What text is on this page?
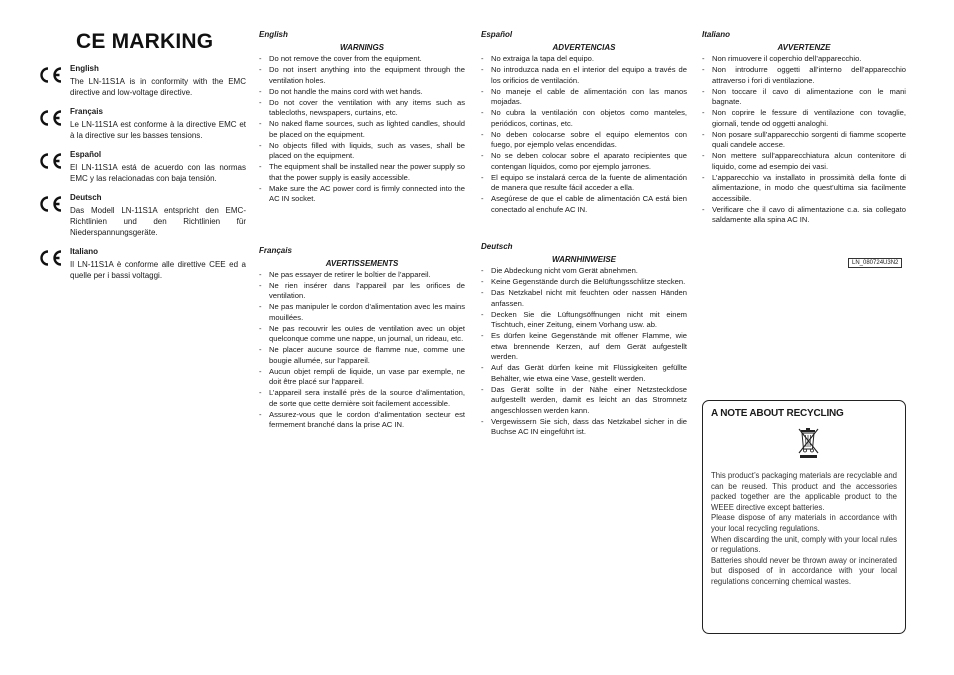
CE MARKING
English
The LN-11S1A is in conformity with the EMC directive and low-voltage directive.
Français
Le LN-11S1A est conforme à la directive EMC et à la directive sur les basses tensions.
Español
El LN-11S1A está de acuerdo con las normas EMC y las relacionadas con baja tensión.
Deutsch
Das Modell LN-11S1A entspricht den EMC-Richtlinien und den Richtlinien für Niederspannungsgeräte.
Italiano
Il LN-11S1A è conforme alle direttive CEE ed a quelle per i bassi voltaggi.
English
WARNINGS
- Do not remove the cover from the equipment.
- Do not insert anything into the equipment through the ventilation holes.
- Do not handle the mains cord with wet hands.
- Do not cover the ventilation with any items such as tablecloths, newspapers, curtains, etc.
- No naked flame sources, such as lighted candles, should be placed on the equipment.
- No objects filled with liquids, such as vases, shall be placed on the equipment.
- The equipment shall be installed near the power supply so that the power supply is easily accessible.
- Make sure the AC power cord is firmly connected into the AC IN socket.
Français
AVERTISSEMENTS
- Ne pas essayer de retirer le boîtier de l’appareil.
- Ne rien insérer dans l’appareil par les orifices de ventilation.
- Ne pas manipuler le cordon d’alimentation avec les mains mouillées.
- Ne pas recouvrir les ouïes de ventilation avec un objet quelconque comme une nappe, un journal, un rideau, etc.
- Ne placer aucune source de flamme nue, comme une bougie allumée, sur l’appareil.
- Aucun objet rempli de liquide, un vase par exemple, ne doit être placé sur l’appareil.
- L’appareil sera installé près de la source d’alimentation, de sorte que cette dernière soit facilement accessible.
- Assurez-vous que le cordon d’alimentation secteur est fermement branché dans la prise AC IN.
Español
ADVERTENCIAS
- No extraiga la tapa del equipo.
- No introduzca nada en el interior del equipo a través de los orificios de ventilación.
- No maneje el cable de alimentación con las manos mojadas.
- No cubra la ventilación con objetos como manteles, periódicos, cortinas, etc.
- No deben colocarse sobre el equipo elementos con fuego, por ejemplo velas encendidas.
- No se deben colocar sobre el aparato recipientes que contengan líquidos, como por ejemplo jarrones.
- El equipo se instalará cerca de la fuente de alimentación de manera que resulte fácil acceder a ella.
- Asegúrese de que el cable de alimentación CA está bien conectado al enchufe AC IN.
Deutsch
WARNHINWEISE
- Die Abdeckung nicht vom Gerät abnehmen.
- Keine Gegenstände durch die Belüftungsschlitze stecken.
- Das Netzkabel nicht mit feuchten oder nassen Händen anfassen.
- Decken Sie die Lüftungsöffnungen nicht mit einem Tischtuch, einer Zeitung, einem Vorhang usw. ab.
- Es dürfen keine Gegenstände mit offener Flamme, wie etwa brennende Kerzen, auf dem Gerät aufgestellt werden.
- Auf das Gerät dürfen keine mit Flüssigkeiten gefüllte Behälter, wie etwa eine Vase, gestellt werden.
- Das Gerät sollte in der Nähe einer Netzsteckdose aufgestellt werden, damit es leicht an das Stromnetz angeschlossen werden kann.
- Vergewissern Sie sich, dass das Netzkabel sicher in die Buchse AC IN eingeführt ist.
Italiano
AVVERTENZE
- Non rimuovere il coperchio dell’apparecchio.
- Non introdurre oggetti all’interno dell’apparecchio attraverso i fori di ventilazione.
- Non toccare il cavo di alimentazione con le mani bagnate.
- Non coprire le fessure di ventilazione con tovaglie, giornali, tende od oggetti analoghi.
- Non posare sull’apparecchio sorgenti di fiamme scoperte quali candele accese.
- Non mettere sull’apparecchiatura alcun contenitore di liquido, come ad esempio dei vasi.
- L’apparecchio va installato in prossimità della fonte di alimentazione, in modo che quest’ultima sia facilmente accessibile.
- Verificare che il cavo di alimentazione c.a. sia collegato saldamente alla spina AC IN.
LN_080724U3N2
A NOTE ABOUT RECYCLING

This product’s packaging materials are recyclable and can be reused. This product and the accessories packed together are the applicable product to the WEEE directive except batteries.

Please dispose of any materials in accordance with your local recycling regulations.

When discarding the unit, comply with your local rules or regulations.

Batteries should never be thrown away or incinerated but disposed of in accordance with your local regulations concerning chemical wastes.
